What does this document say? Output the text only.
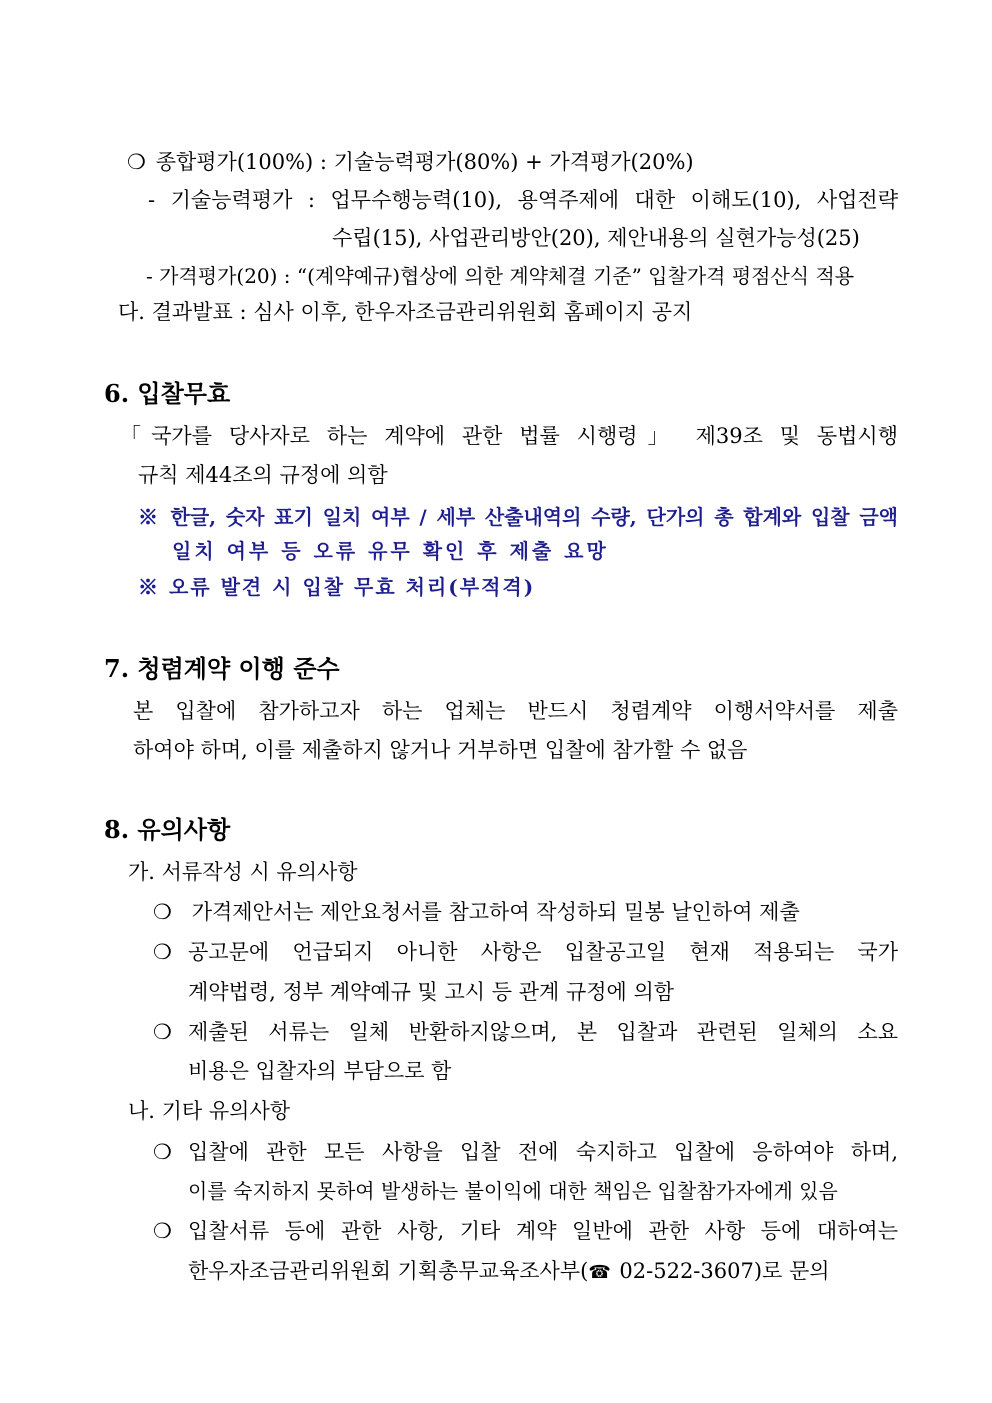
❍ 종합평가(100%) : 기술능력평가(80%) + 가격평가(20%)
- 기술능력평가 : 업무수행능력(10), 용역주제에 대한 이해도(10), 사업전략
수립(15), 사업관리방안(20), 제안내용의 실현가능성(25)
- 가격평가(20) : “(계약예규)협상에 의한 계약체결 기준” 입찰가격 평점산식 적용
다. 결과발표 : 심사 이후, 한우자조금관리위원회 홈페이지 공지
6. 입찰무효
「국가를 당사자로 하는 계약에 관한 법률 시행령」 제39조 및 동법시행
규칙 제44조의 규정에 의함
※ 한글, 숫자 표기 일치 여부 / 세부 산출내역의 수량, 단가의 총 합계와 입찰 금액
일치 여부 등 오류 유무 확인 후 제출 요망
※ 오류 발견 시 입찰 무효 처리(부적격)
7. 청렴계약 이행 준수
본 입찰에 참가하고자 하는 업체는 반드시 청렴계약 이행서약서를 제출
하여야 하며, 이를 제출하지 않거나 거부하면 입찰에 참가할 수 없음
8. 유의사항
가. 서류작성 시 유의사항
❍ 가격제안서는 제안요청서를 참고하여 작성하되 밀봉 날인하여 제출
❍ 공고문에 언급되지 아니한 사항은 입찰공고일 현재 적용되는 국가
계약법령, 정부 계약예규 및 고시 등 관계 규정에 의함
❍ 제출된 서류는 일체 반환하지않으며, 본 입찰과 관련된 일체의 소요
비용은 입찰자의 부담으로 함
나. 기타 유의사항
❍ 입찰에 관한 모든 사항을 입찰 전에 숙지하고 입찰에 응하여야 하며,
이를 숙지하지 못하여 발생하는 불이익에 대한 책임은 입찰참가자에게 있음
❍ 입찰서류 등에 관한 사항, 기타 계약 일반에 관한 사항 등에 대하여는
한우자조금관리위원회 기획총무교육조사부(☎ 02-522-3607)로 문의
